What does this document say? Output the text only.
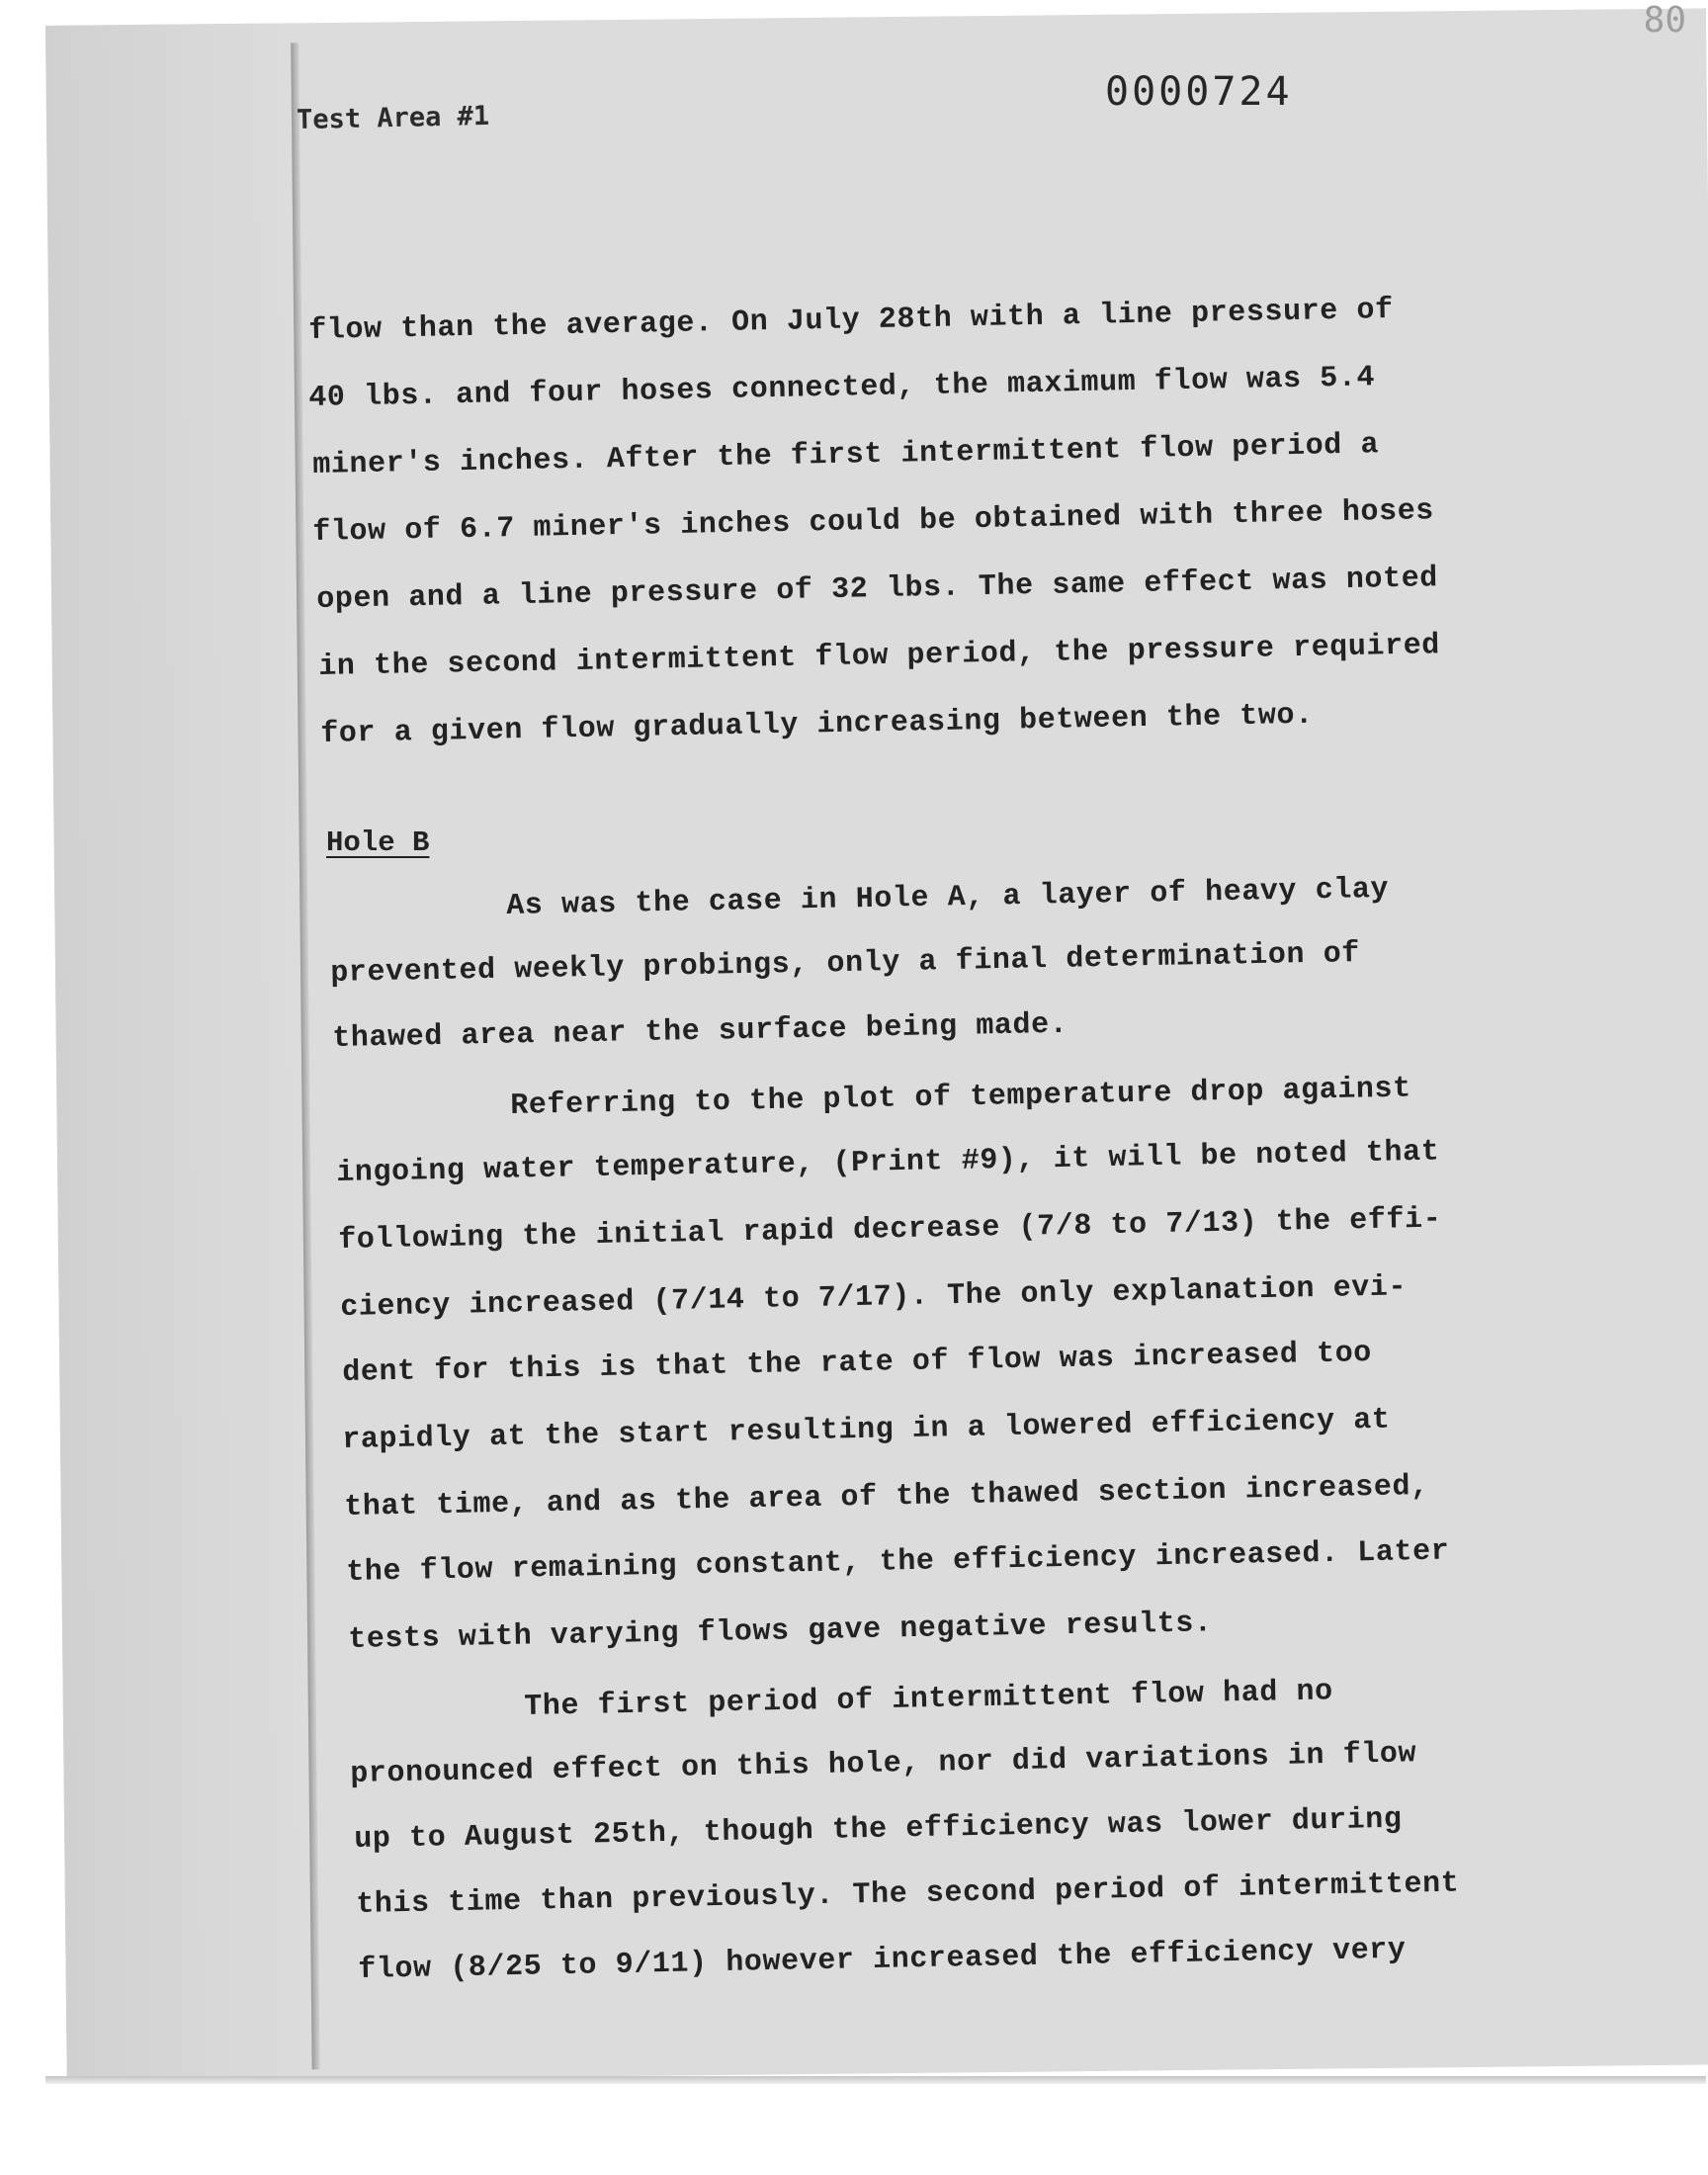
80
Test Area #1
0000724
flow than the average. On July 28th with a line pressure of
40 lbs. and four hoses connected, the maximum flow was 5.4
miner's inches. After the first intermittent flow period a
flow of 6.7 miner's inches could be obtained with three hoses
open and a line pressure of 32 lbs. The same effect was noted
in the second intermittent flow period, the pressure required
for a given flow gradually increasing between the two.
Hole B
As was the case in Hole A, a layer of heavy clay
prevented weekly probings, only a final determination of
thawed area near the surface being made.
Referring to the plot of temperature drop against
ingoing water temperature, (Print #9), it will be noted that
following the initial rapid decrease (7/8 to 7/13) the effi-
ciency increased (7/14 to 7/17). The only explanation evi-
dent for this is that the rate of flow was increased too
rapidly at the start resulting in a lowered efficiency at
that time, and as the area of the thawed section increased,
the flow remaining constant, the efficiency increased. Later
tests with varying flows gave negative results.
The first period of intermittent flow had no
pronounced effect on this hole, nor did variations in flow
up to August 25th, though the efficiency was lower during
this time than previously. The second period of intermittent
flow (8/25 to 9/11) however increased the efficiency very
